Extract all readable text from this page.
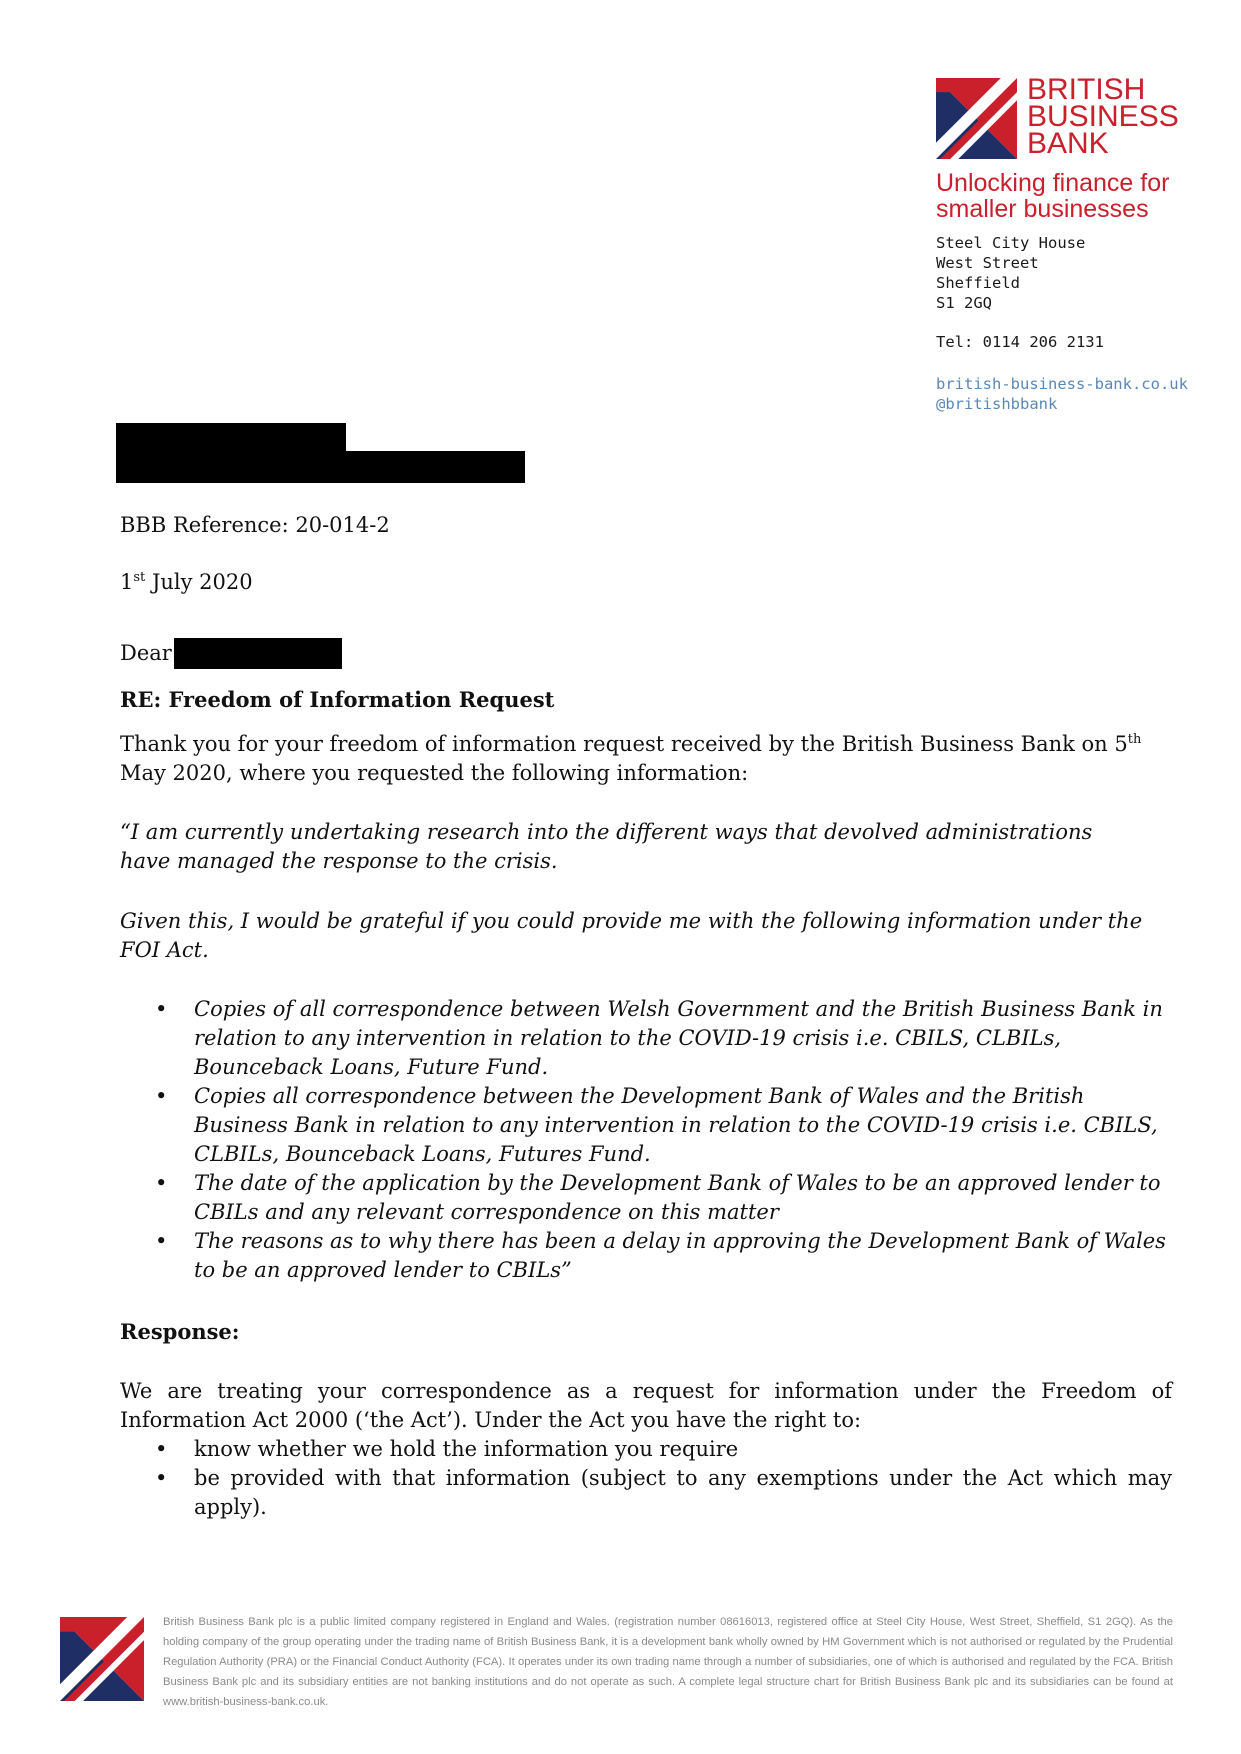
BRITISH
BUSINESS
BANK
Unlocking finance for
smaller businesses
Steel City House
West Street
Sheffield
S1 2GQ
Tel: 0114 206 2131
british-business-bank.co.uk
@britishbbank
BBB Reference: 20-014-2
1st July 2020
Dear
RE: Freedom of Information Request
Thank you for your freedom of information request received by the British Business Bank on 5th
May 2020, where you requested the following information:
“I am currently undertaking research into the different ways that devolved administrations have managed the response to the crisis.
Given this, I would be grateful if you could provide me with the following information under the FOI Act.
• Copies of all correspondence between Welsh Government and the British Business Bank in relation to any intervention in relation to the COVID-19 crisis i.e. CBILS, CLBILs, Bounceback Loans, Future Fund.
• Copies all correspondence between the Development Bank of Wales and the British Business Bank in relation to any intervention in relation to the COVID-19 crisis i.e. CBILS, CLBILs, Bounceback Loans, Futures Fund.
• The date of the application by the Development Bank of Wales to be an approved lender to CBILs and any relevant correspondence on this matter
• The reasons as to why there has been a delay in approving the Development Bank of Wales to be an approved lender to CBILs”
Response:
We are treating your correspondence as a request for information under the Freedom of Information Act 2000 (‘the Act’). Under the Act you have the right to:
• know whether we hold the information you require
• be provided with that information (subject to any exemptions under the Act which may apply).
British Business Bank plc is a public limited company registered in England and Wales. (registration number 08616013, registered office at Steel City House, West Street, Sheffield, S1 2GQ). As the holding company of the group operating under the trading name of British Business Bank, it is a development bank wholly owned by HM Government which is not authorised or regulated by the Prudential Regulation Authority (PRA) or the Financial Conduct Authority (FCA). It operates under its own trading name through a number of subsidiaries, one of which is authorised and regulated by the FCA. British Business Bank plc and its subsidiary entities are not banking institutions and do not operate as such. A complete legal structure chart for British Business Bank plc and its subsidiaries can be found at www.british-business-bank.co.uk.
